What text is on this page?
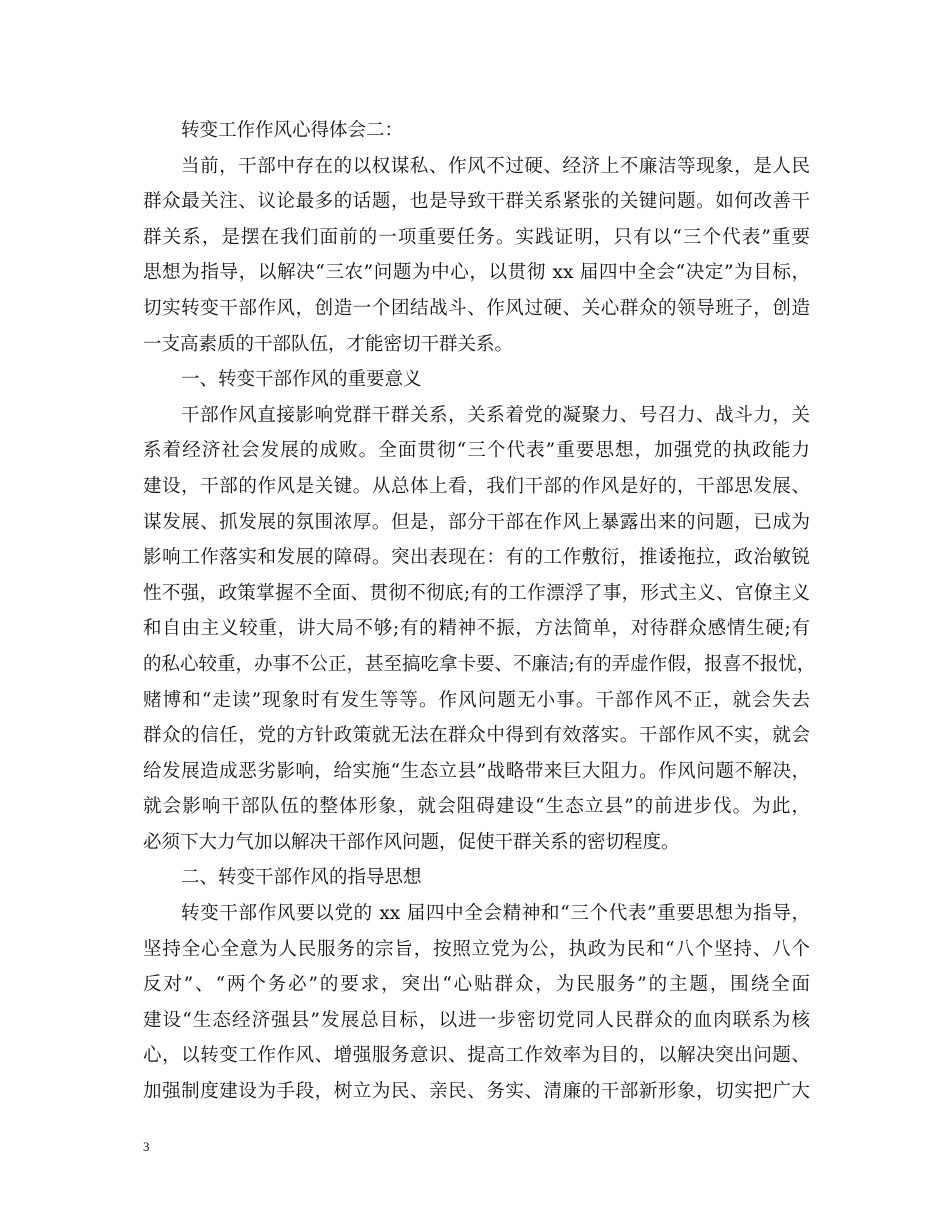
转变工作作风心得体会二：
当前，干部中存在的以权谋私、作风不过硬、经济上不廉洁等现象，是人民
群众最关注、议论最多的话题，也是导致干群关系紧张的关键问题。如何改善干
群关系，是摆在我们面前的一项重要任务。实践证明，只有以“三个代表”重要
思想为指导，以解决“三农”问题为中心，以贯彻 xx 届四中全会“决定”为目标，
切实转变干部作风，创造一个团结战斗、作风过硬、关心群众的领导班子，创造
一支高素质的干部队伍，才能密切干群关系。
一、转变干部作风的重要意义
干部作风直接影响党群干群关系，关系着党的凝聚力、号召力、战斗力，关
系着经济社会发展的成败。全面贯彻“三个代表”重要思想，加强党的执政能力
建设，干部的作风是关键。从总体上看，我们干部的作风是好的，干部思发展、
谋发展、抓发展的氛围浓厚。但是，部分干部在作风上暴露出来的问题，已成为
影响工作落实和发展的障碍。突出表现在：有的工作敷衍，推诿拖拉，政治敏锐
性不强，政策掌握不全面、贯彻不彻底;有的工作漂浮了事，形式主义、官僚主义
和自由主义较重，讲大局不够;有的精神不振，方法简单，对待群众感情生硬;有
的私心较重，办事不公正，甚至搞吃拿卡要、不廉洁;有的弄虚作假，报喜不报忧，
赌博和“走读”现象时有发生等等。作风问题无小事。干部作风不正，就会失去
群众的信任，党的方针政策就无法在群众中得到有效落实。干部作风不实，就会
给发展造成恶劣影响，给实施“生态立县”战略带来巨大阻力。作风问题不解决，
就会影响干部队伍的整体形象，就会阻碍建设“生态立县”的前进步伐。为此，
必须下大力气加以解决干部作风问题，促使干群关系的密切程度。
二、转变干部作风的指导思想
转变干部作风要以党的 xx 届四中全会精神和“三个代表”重要思想为指导，
坚持全心全意为人民服务的宗旨，按照立党为公，执政为民和“八个坚持、八个
反对”、“两个务必”的要求，突出“心贴群众，为民服务”的主题，围绕全面
建设“生态经济强县”发展总目标，以进一步密切党同人民群众的血肉联系为核
心，以转变工作作风、增强服务意识、提高工作效率为目的，以解决突出问题、
加强制度建设为手段，树立为民、亲民、务实、清廉的干部新形象，切实把广大
3
